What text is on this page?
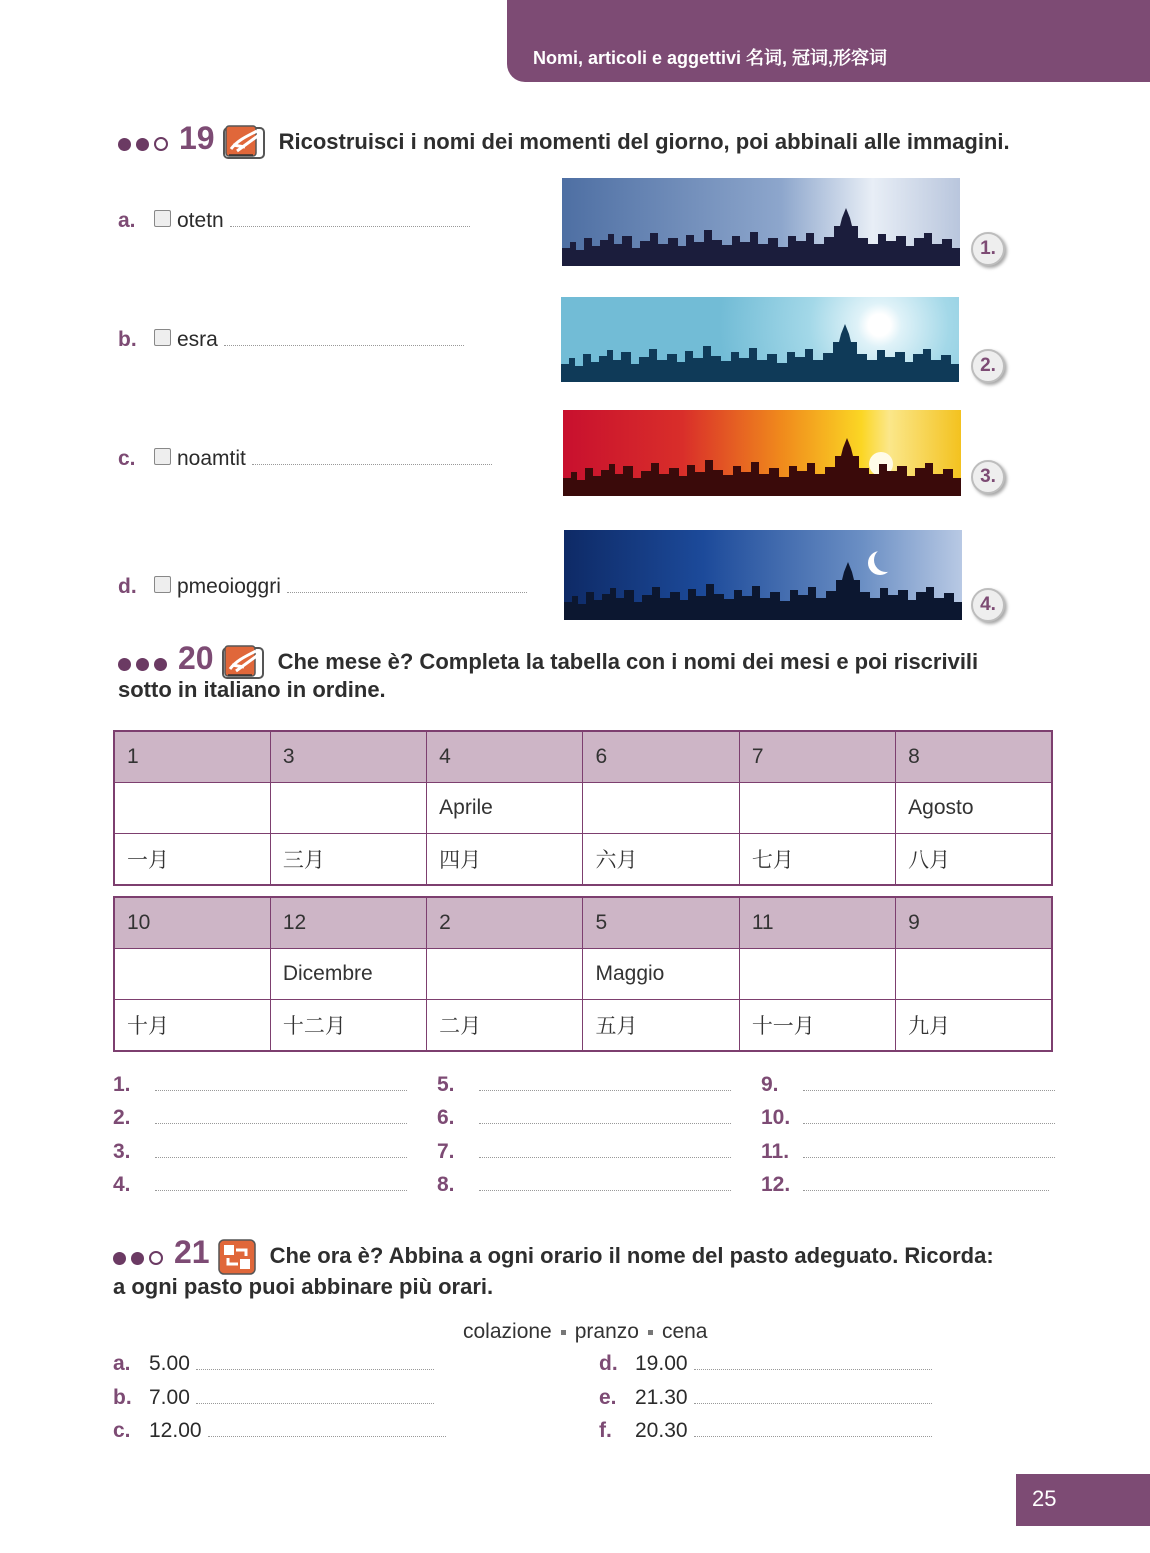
Nomi, articoli e aggettivi 名词, 冠词,形容词
19	Ricostruisci i nomi dei momenti del giorno, poi abbinali alle immagini.
a. otetn
b. esra
c. noamtit
d. pmeoioggri
1.
2.
3.
4.
20	Che mese è? Completa la tabella con i nomi dei mesi e poi riscrivili
sotto in italiano in ordine.
1	3	4	6	7	8
		Aprile			Agosto
一月	三月	四月	六月	七月	八月
10	12	2	5	11	9
	Dicembre		Maggio		
十月	十二月	二月	五月	十一月	九月
1.
2.
3.
4.
5.
6.
7.
8.
9.
10.
11.
12.
21	Che ora è? Abbina a ogni orario il nome del pasto adeguato. Ricorda:
a ogni pasto puoi abbinare più orari.
colazione pranzo cena
a. 5.00
b. 7.00
c. 12.00
d. 19.00
e. 21.30
f. 20.30
25
